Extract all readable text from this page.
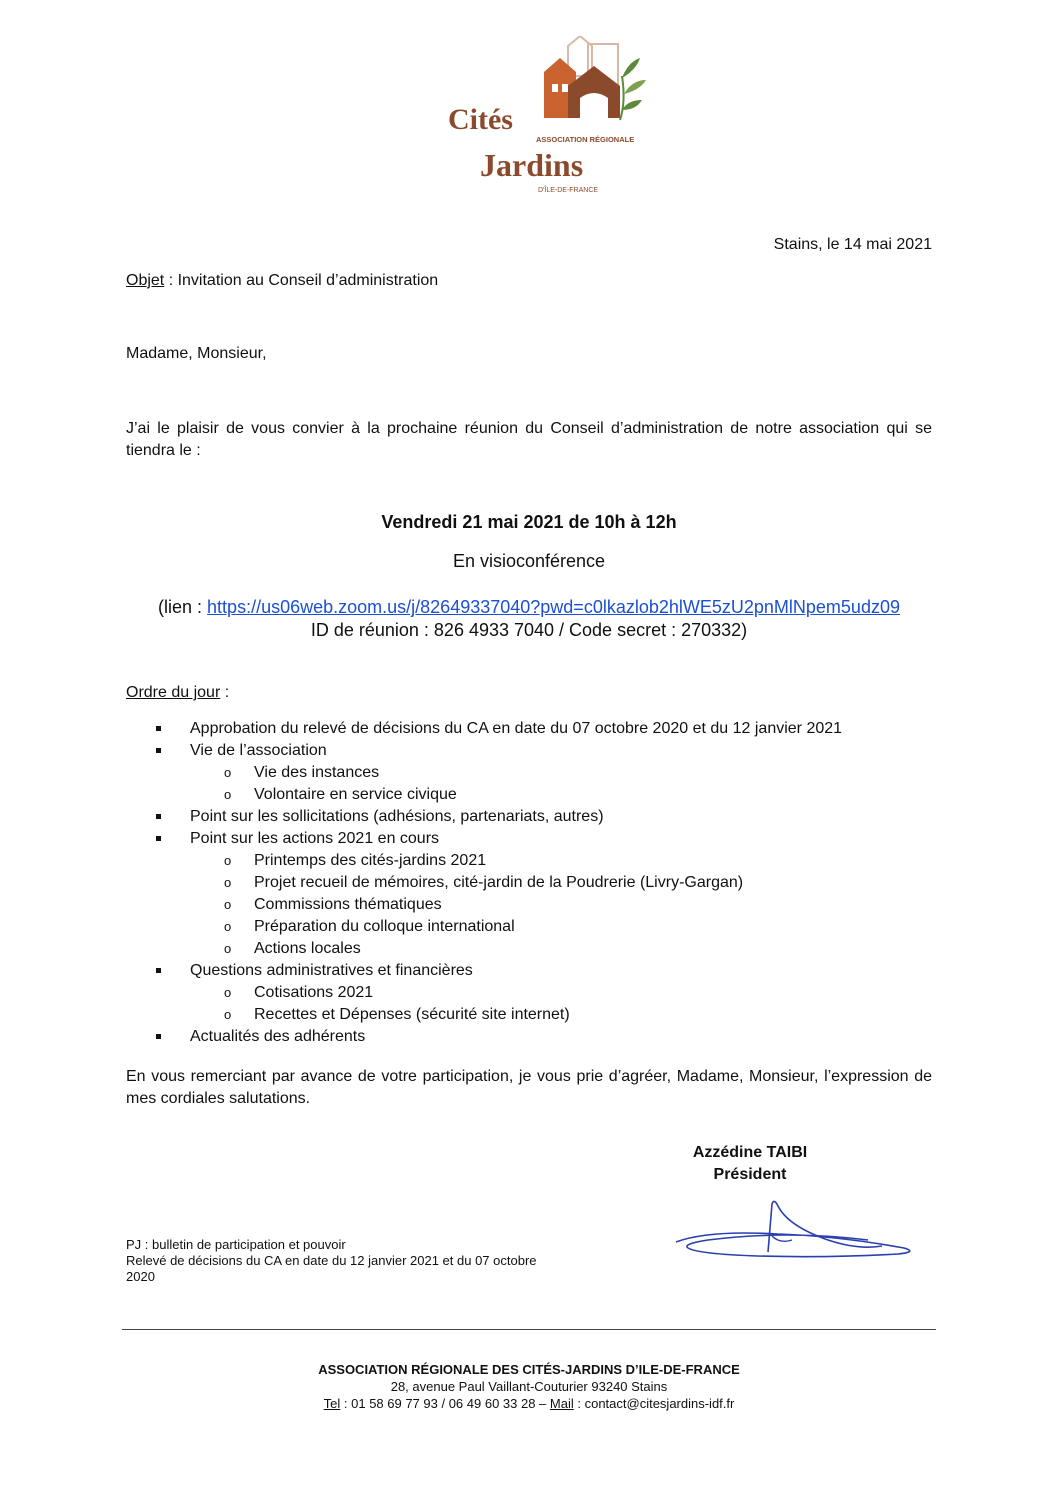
Cités
ASSOCIATION RÉGIONALE
Jardins
D'ÎLE-DE-FRANCE
Stains, le 14 mai 2021
Objet : Invitation au Conseil d’administration
Madame, Monsieur,
J’ai le plaisir de vous convier à la prochaine réunion du Conseil d’administration de notre association qui se tiendra le :
Vendredi 21 mai 2021 de 10h à 12h
En visioconférence
(lien : https://us06web.zoom.us/j/82649337040?pwd=c0lkazlob2hlWE5zU2pnMlNpem5udz09
ID de réunion : 826 4933 7040 / Code secret : 270332)
Ordre du jour :
Approbation du relevé de décisions du CA en date du 07 octobre 2020 et du 12 janvier 2021
Vie de l’association
o Vie des instances
o Volontaire en service civique
Point sur les sollicitations (adhésions, partenariats, autres)
Point sur les actions 2021 en cours
o Printemps des cités-jardins 2021
o Projet recueil de mémoires, cité-jardin de la Poudrerie (Livry-Gargan)
o Commissions thématiques
o Préparation du colloque international
o Actions locales
Questions administratives et financières
o Cotisations 2021
o Recettes et Dépenses (sécurité site internet)
Actualités des adhérents
En vous remerciant par avance de votre participation, je vous prie d’agréer, Madame, Monsieur, l’expression de mes cordiales salutations.
Azzédine TAIBI
Président
PJ : bulletin de participation et pouvoir
Relevé de décisions du CA en date du 12 janvier 2021 et du 07 octobre 2020
ASSOCIATION RÉGIONALE DES CITÉS-JARDINS D’ILE-DE-FRANCE
28, avenue Paul Vaillant-Couturier 93240 Stains
Tel : 01 58 69 77 93 / 06 49 60 33 28 – Mail : contact@citesjardins-idf.fr
